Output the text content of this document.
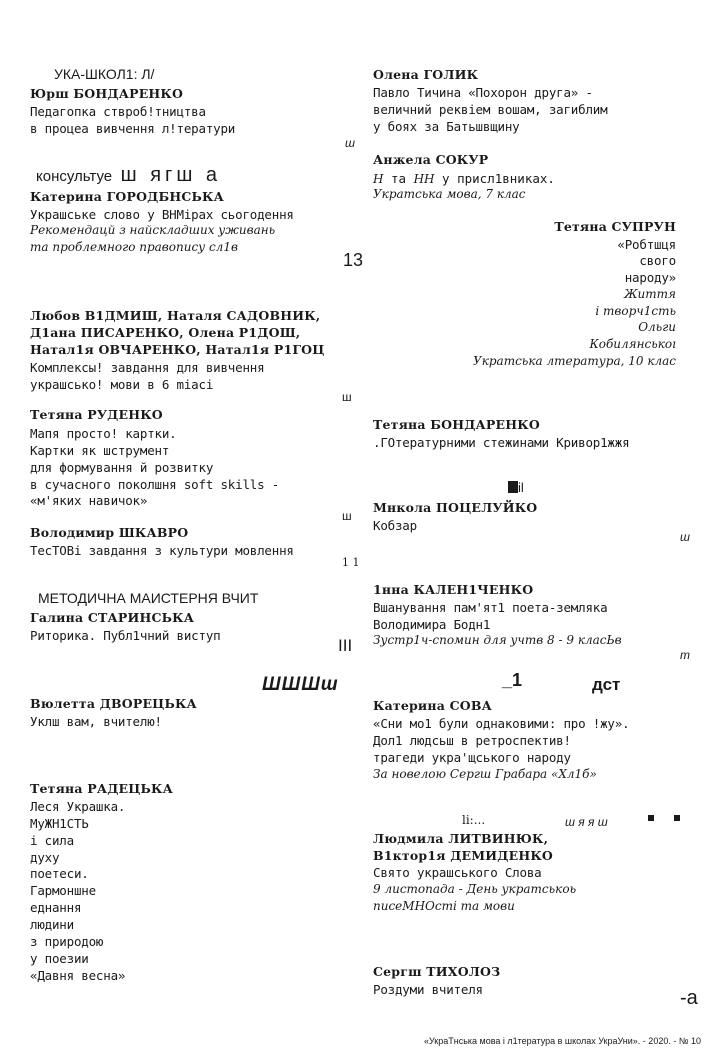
УКА-ШКОЛ1: Л/
Юрш БОНДАРЕНКО
Педагопка ствроб!тництва
в процеа вивчення л!тератури
консультуе ш ягш а
Катерина ГОРОДБНСЬКА
Украшське слово у ВНМірах сьогодення
Рекомендацй з найскладших уживань
та проблемного правопису сл1в
13
Любов В1ДМИШ, Наталя САДОВНИК,
Д1ана ПИСАРЕНКО, Олена Р1ДОШ,
Натал1я ОВЧАРЕНКО, Натал1я Р1ГОЦ
Комплексы! завдання для вивчення
украшсько! мови в 6 miaci
Тетяна РУДЕНКО
Мапя просто! картки.
Картки як шструмент
для формування й розвитку
в сучасного поколшня soft skills -
«м'яких навичок»
Володимир ШКАВРО
ТесТОВі завдання з культури мовлення
1 1
МЕТОДИЧНА МАИСТЕРНЯ ВЧИТ
Галина СТАРИНСЬКА
Риторика. Публ1чний виступ
III
ШШШш
Вюлетта ДВОРЕЦЬКА
Уклш вам, вчителю!
Тетяна РАДЕЦЬКА
Леся Украшка.
МуЖН1СТЬ
і сила
духу
поетеси.
Гармоншне
еднання
людини
з природою
у поезии
«Давня весна»
ш
ш
ш
ш
т
il
_1	дст
li:...	ш я я ш
-а
Олена ГОЛИК
Павло Тичина «Похорон друга» -
величний реквіем вошам, загиблим
у боях за Батьшвщину
Анжела СОКУР
Н та НН у присл1вниках.
Укратська мова, 7 клас
Тетяна СУПРУН
«Робтшця
свого
народу»
Життя
і творч1сть
Ольги
Кобилянськоı
Укратська лтература, 10 клас
Тетяна БОНДАРЕНКО
.ГОтературними стежинами Кривор1жжя
Мнкола ПОЦЕЛУЙКО
Кобзар
1нна КАЛЕН1ЧЕНКО
Вшанування пам'ят1 поета-земляка
Володимира Бодн1
Зустр1ч-спомин для учтв 8 - 9 класЬв
Катерина СОВА
«Сни мо1 були однаковими: про !жу».
Дол1 людсьш в ретроспектив!
трагеди укра'щського народу
За новелою Сергш Грабара «Хл1б»
Людмила ЛИТВИНЮК,
В1ктор1я ДЕМИДЕНКО
Свято украшського Слова
9 листопада - День укратськоь
писеМНОсті та мови
Сергш ТИХОЛОЗ
Роздуми вчителя
«УкраТнська мова і л1тература в школах УкраУни». - 2020. - № 10
